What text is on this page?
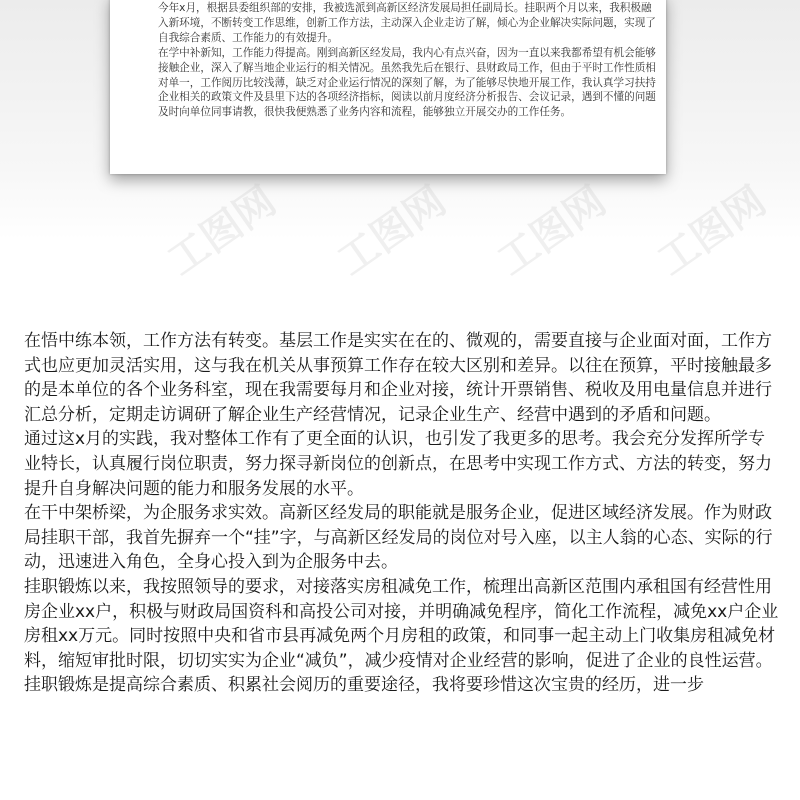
今年x月，根据县委组织部的安排，我被选派到高新区经济发展局担任副局长。挂职两个月以来，我积极融入新环境，不断转变工作思维，创新工作方法，主动深入企业走访了解，倾心为企业解决实际问题，实现了自我综合素质、工作能力的有效提升。

在学中补新知，工作能力得提高。刚到高新区经发局，我内心有点兴奋，因为一直以来我都希望有机会能够接触企业，深入了解当地企业运行的相关情况。虽然我先后在银行、县财政局工作，但由于平时工作性质相对单一，工作阅历比较浅薄，缺乏对企业运行情况的深刻了解，为了能够尽快地开展工作，我认真学习扶持企业相关的政策文件及县里下达的各项经济指标，阅读以前月度经济分析报告、会议记录，遇到不懂的问题及时向单位同事请教，很快我便熟悉了业务内容和流程，能够独立开展交办的工作任务。

在悟中练本领，工作方法有转变。基层工作是实实在在的、微观的，需要直接与企业面对面，工作方式也应更加灵活实用，这与我在机关从事预算工作存在较大区别和差异。以往在预算，平时接触最多的是本单位的各个业务科室，现在我需要每月和企业对接，统计开票销售、税收及用电量信息并进行汇总分析，定期走访调研了解企业生产经营情况，记录企业生产、经营中遇到的矛盾和问题。

通过这x月的实践，我对整体工作有了更全面的认识，也引发了我更多的思考。我会充分发挥所学专业特长，认真履行岗位职责，努力探寻新岗位的创新点，在思考中实现工作方式、方法的转变，努力提升自身解决问题的能力和服务发展的水平。

在干中架桥梁，为企服务求实效。高新区经发局的职能就是服务企业，促进区域经济发展。作为财政局挂职干部，我首先摒弃一个“挂”字，与高新区经发局的岗位对号入座，以主人翁的心态、实际的行动，迅速进入角色，全身心投入到为企服务中去。

挂职锻炼以来，我按照领导的要求，对接落实房租减免工作，梳理出高新区范围内承租国有经营性用房企业xx户，积极与财政局国资科和高投公司对接，并明确减免程序，简化工作流程，减免xx户企业房租xx万元。同时按照中央和省市县再减免两个月房租的政策，和同事一起主动上门收集房租减免材料，缩短审批时限，切切实实为企业“减负”，减少疫情对企业经营的影响，促进了企业的良性运营。

挂职锻炼是提高综合素质、积累社会阅历的重要途径，我将要珍惜这次宝贵的经历，进一步
